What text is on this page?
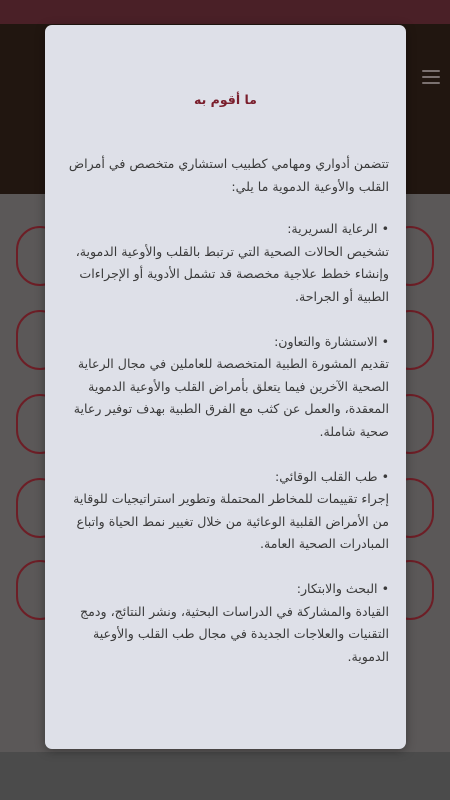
ما أقوم به

تتضمن أدواري ومهامي كطبيب استشاري متخصص في أمراض القلب والأوعية الدموية ما يلي:

• الرعاية السريرية:
تشخيص الحالات الصحية التي ترتبط بالقلب والأوعية الدموية، وإنشاء خطط علاجية مخصصة قد تشمل الأدوية أو الإجراءات الطبية أو الجراحة.

• الاستشارة والتعاون:
تقديم المشورة الطبية المتخصصة للعاملين في مجال الرعاية الصحية الآخرين فيما يتعلق بأمراض القلب والأوعية الدموية المعقدة، والعمل عن كثب مع الفرق الطبية بهدف توفير رعاية صحية شاملة.

• طب القلب الوقائي:
إجراء تقييمات للمخاطر المحتملة وتطوير استراتيجيات للوقاية من الأمراض القلبية الوعائية من خلال تغيير نمط الحياة واتباع المبادرات الصحية العامة.

• البحث والابتكار:
القيادة والمشاركة في الدراسات البحثية، ونشر النتائج، ودمج التقنيات والعلاجات الجديدة في مجال طب القلب والأوعية الدموية.
